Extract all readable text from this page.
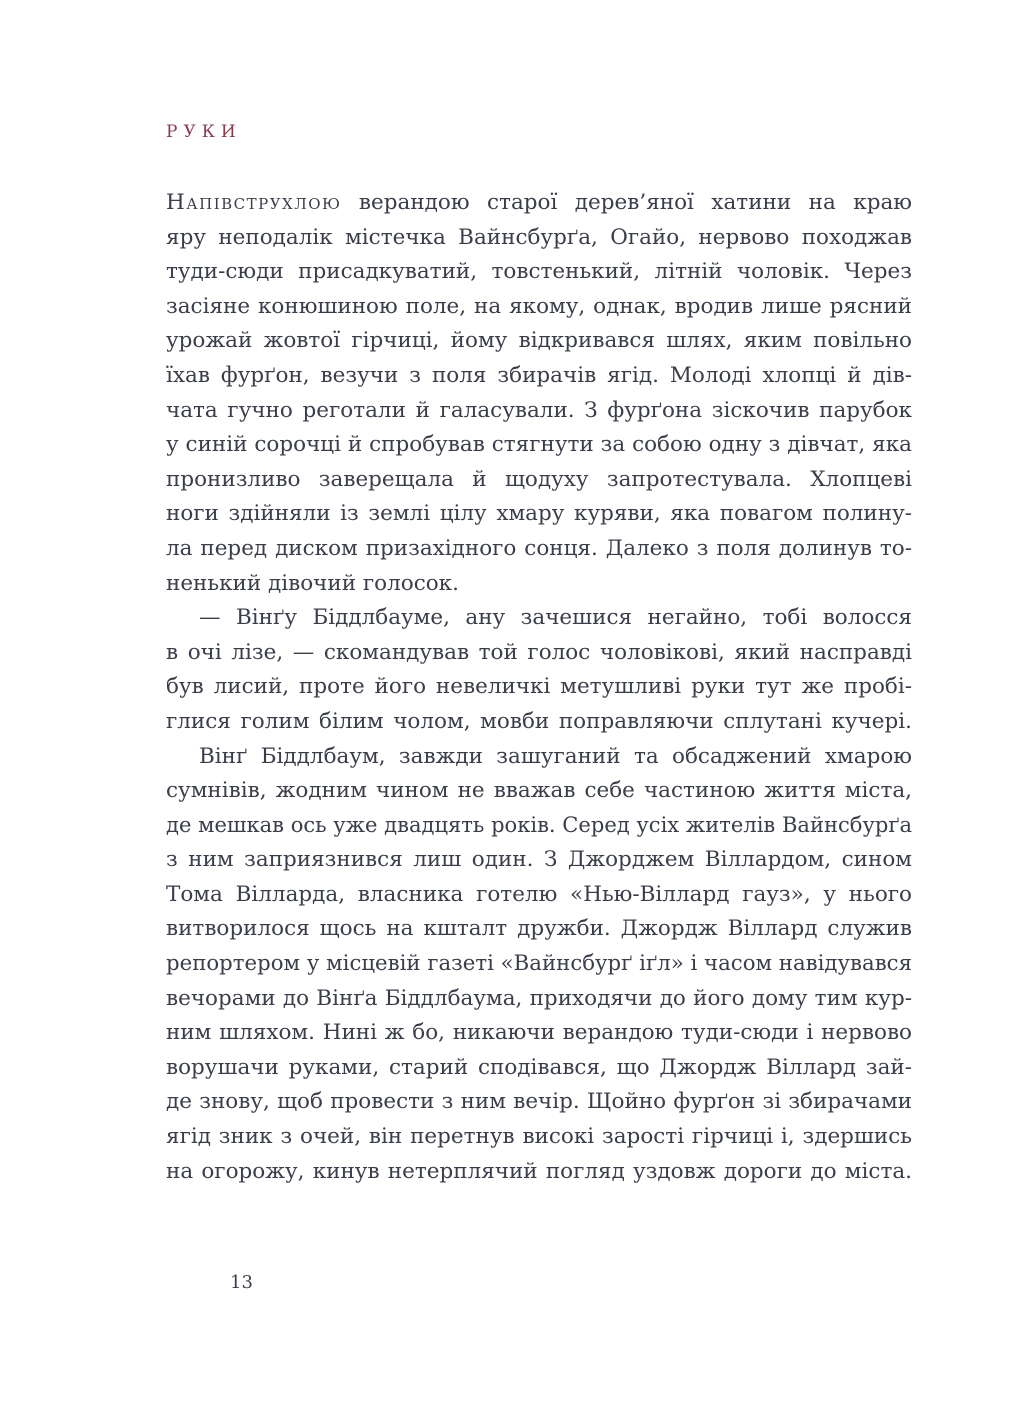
РУКИ
Напівструхлою верандою старої дерев’яної хатини на краю
яру неподалік містечка Вайнсбурґа, Огайо, нервово походжав
туди-сюди присадкуватий, товстенький, літній чоловік. Через
засіяне конюшиною поле, на якому, однак, вродив лише рясний
урожай жовтої гірчиці, йому відкривався шлях, яким повільно
їхав фурґон, везучи з поля збирачів ягід. Молоді хлопці й дів-
чата гучно реготали й галасували. З фурґона зіскочив парубок
у синій сорочці й спробував стягнути за собою одну з дівчат, яка
пронизливо заверещала й щодуху запротестувала. Хлопцеві
ноги здійняли із землі цілу хмару куряви, яка повагом полину-
ла перед диском призахідного сонця. Далеко з поля долинув то-
ненький дівочий голосок.
— Вінґу Біддлбауме, ану зачешися негайно, тобі волосся
в очі лізе, — скомандував той голос чоловікові, який насправді
був лисий, проте його невеличкі метушливі руки тут же пробі-
глися голим білим чолом, мовби поправляючи сплутані кучері.
Вінґ Біддлбаум, завжди зашуганий та обсаджений хмарою
сумнівів, жодним чином не вважав себе частиною життя міста,
де мешкав ось уже двадцять років. Серед усіх жителів Вайнсбурґа
з ним заприязнився лиш один. З Джорджем Віллардом, сином
Тома Вілларда, власника готелю «Нью-Віллард гауз», у нього
витворилося щось на кшталт дружби. Джордж Віллард служив
репортером у місцевій газеті «Вайнсбурґ іґл» і часом навідувався
вечорами до Вінґа Біддлбаума, приходячи до його дому тим кур-
ним шляхом. Нині ж бо, никаючи верандою туди-сюди і нервово
ворушачи руками, старий сподівався, що Джордж Віллард зай-
де знову, щоб провести з ним вечір. Щойно фурґон зі збирачами
ягід зник з очей, він перетнув високі зарості гірчиці і, здершись
на огорожу, кинув нетерплячий погляд уздовж дороги до міста.
13
